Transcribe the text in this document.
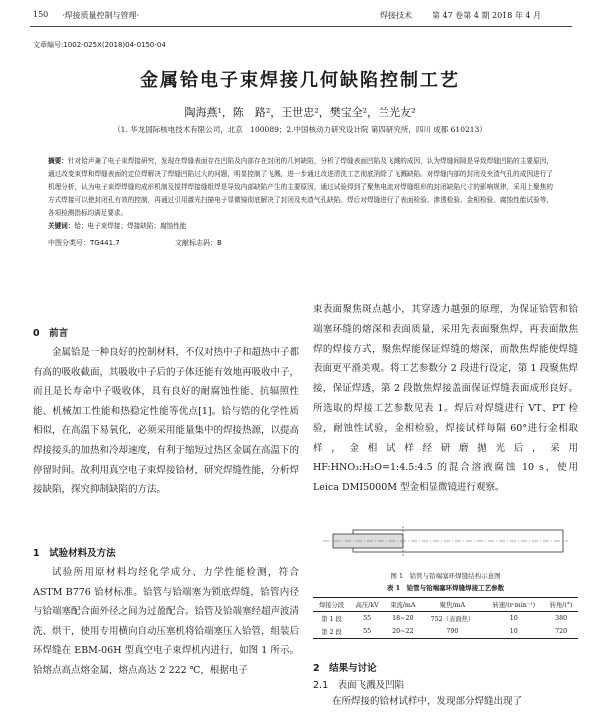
150 ·焊接质量控制与管理·	焊接技术	第 47 卷第 4 期 2018 年 4 月
文章编号:1002-025X(2018)04-0150-04
金属铪电子束焊接几何缺陷控制工艺
陶海燕¹，陈　路²，王世忠²，樊宝全²，兰光友²
（1. 华龙国际核电技术有限公司，北京　100089；2.中国核动力研究设计院 第四研究所，四川 成都 610213）
摘要：针对铪声兼了电子束焊接研究，发现在焊缝表面存在凹陷及内部存在封闭的几何缺陷，分析了焊缝表面凹陷及飞溅的成因，认为焊缝间隙是导致焊缝凹陷的主要原因，通过改变束焊和焊缝表面的定位焊解决了焊缝凹陷过大的问题，明显控制了飞溅，进一步通过改进清洗工艺彻底消除了飞溅缺陷。对焊缝内部的封闭及夹渣气孔的成因进行了机理分析，认为电子束焊焊缝的成形机制及搅拌焊接缝组焊是导致内部缺陷产生的主要原因，通过试验得到了聚焦电流对焊缝组形的封闭缺陷尺寸的影响规律，采用上聚焦的方式焊接可以使封闭孔有效的控制，再通过引用激光扫描电子显微镜彻底解决了封闭及夹渣气孔缺陷。焊后对焊缝进行了表面检验、渗透检验、金相检验、腐蚀性能试验等，各项检测指标均满足要求。
关键词：铪；电子束焊接；焊接缺陷；腐蚀性能
中图分类号：TG441.7	文献标志码：B
0　前言
金属铪是一种良好的控制材料，不仅对热中子和超热中子都有高的吸收截面，其吸收中子后的子体还能有效地再吸收中子，而且是长寿命中子吸收体，具有良好的耐腐蚀性能、抗辐照性能、机械加工性能和热稳定性能等优点[1]。铪与锆的化学性质相似，在高温下易氧化，必须采用能量集中的焊接热源，以提高焊接接头的加热和冷却速度，有利于缩短过热区金属在高温下的停留时间。故利用真空电子束焊接铪材，研究焊缝性能，分析焊接缺陷，探究抑制缺陷的方法。
1　试验材料及方法
试验所用原材料均经化学成分、力学性能检测，符合 ASTM B776 铪材标准。铪管与铪端塞为锁底焊缝，铪管内径与铪端塞配合面外径之间为过盈配合。铪管及铪端塞经超声波清洗、烘干，使用专用横向自动压塞机将铪端塞压入铪管，组装后环焊缝在 EBM-06H 型真空电子束焊机内进行，如图 1 所示。铪熔点高点熔金属，熔点高达 2 222 ℃，根据电子
束表面聚焦斑点越小，其穿透力越强的原理，为保证铪管和铪端塞环缝的熔深和表面质量，采用先表面聚焦焊，再表面散焦焊的焊接方式，聚焦焊能保证焊缝的熔深，而散焦焊能使焊缝表面更平滑美观。将工艺参数分 2 段进行设定，第 1 段聚焦焊接，保证焊透，第 2 段散焦焊接盖面保证焊缝表面成形良好。所选取的焊接工艺参数见表 1。焊后对焊缝进行 VT、PT 检验，耐蚀性试验，金相检验，焊接试样每隔 60°进行金相取样，金相试样经研磨抛光后，采用 HF:HNO₃:H₂O=1:4.5:4.5 的混合溶液腐蚀 10 s，使用 Leica DMI5000M 型金相显微镜进行观察。
图 1　铪管与铪端塞环焊缝结构示意图
表 1　铪管与铪端塞环焊缝焊接工艺参数
焊接分段	高压/kV	束流/mA	聚焦/mA	转速/(r·min⁻¹)	转角/(°)
第 1 段	55	18~20	752（表面焦）	10	380
第 2 段	55	20~22	790	10	720
2　结果与讨论
2.1　表面飞溅及凹陷
在所焊接的铪材试样中，发现部分焊缝出现了
